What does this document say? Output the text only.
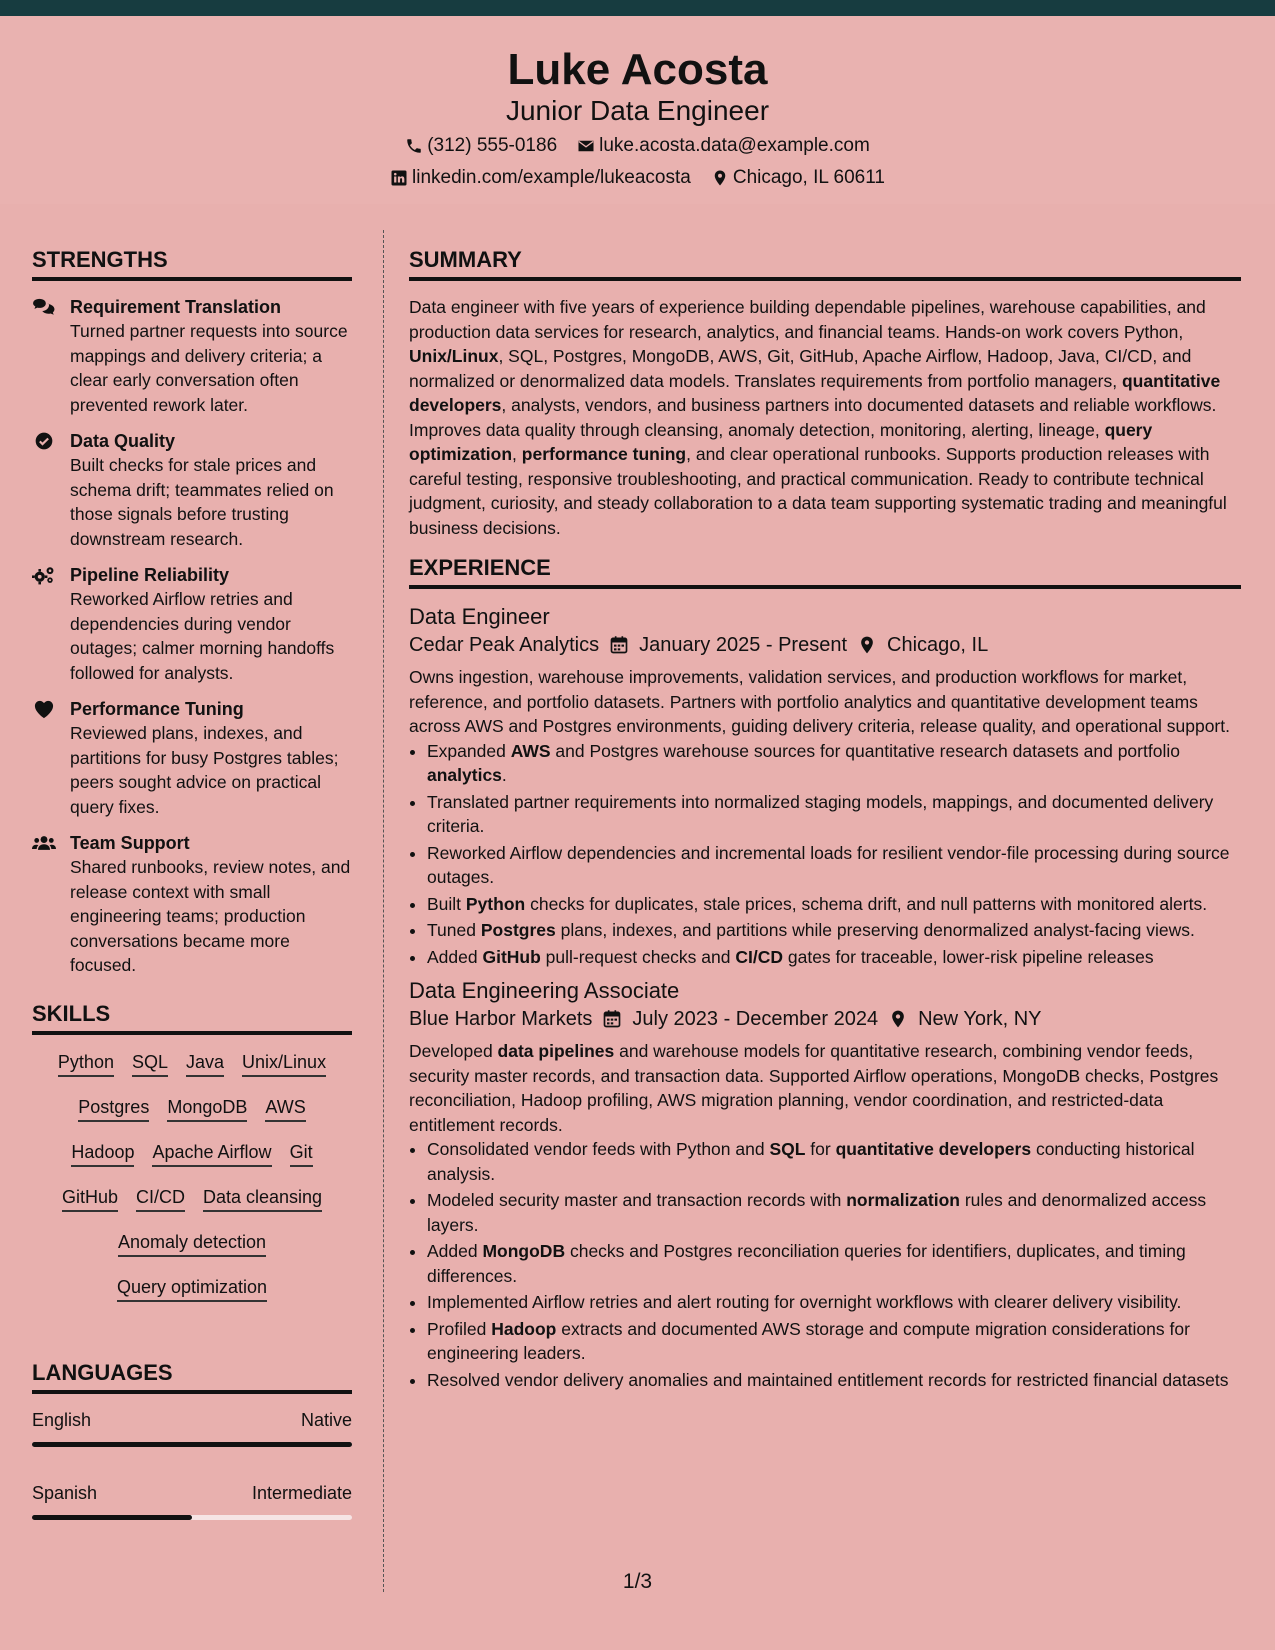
Luke Acosta
Junior Data Engineer
(312) 555-0186 luke.acosta.data@example.com
linkedin.com/example/lukeacosta Chicago, IL 60611
STRENGTHS
Requirement Translation
Turned partner requests into source mappings and delivery criteria; a clear early conversation often prevented rework later.
Data Quality
Built checks for stale prices and schema drift; teammates relied on those signals before trusting downstream research.
Pipeline Reliability
Reworked Airflow retries and dependencies during vendor outages; calmer morning handoffs followed for analysts.
Performance Tuning
Reviewed plans, indexes, and partitions for busy Postgres tables; peers sought advice on practical query fixes.
Team Support
Shared runbooks, review notes, and release context with small engineering teams; production conversations became more focused.
SKILLS
Python SQL Java Unix/Linux
Postgres MongoDB AWS
Hadoop Apache Airflow Git
GitHub CI/CD Data cleansing
Anomaly detection
Query optimization
LANGUAGES
English	Native
Spanish	Intermediate
SUMMARY
Data engineer with five years of experience building dependable pipelines, warehouse capabilities, and production data services for research, analytics, and financial teams. Hands-on work covers Python, Unix/Linux, SQL, Postgres, MongoDB, AWS, Git, GitHub, Apache Airflow, Hadoop, Java, CI/CD, and normalized or denormalized data models. Translates requirements from portfolio managers, quantitative developers, analysts, vendors, and business partners into documented datasets and reliable workflows. Improves data quality through cleansing, anomaly detection, monitoring, alerting, lineage, query optimization, performance tuning, and clear operational runbooks. Supports production releases with careful testing, responsive troubleshooting, and practical communication. Ready to contribute technical judgment, curiosity, and steady collaboration to a data team supporting systematic trading and meaningful business decisions.
EXPERIENCE
Data Engineer
Cedar Peak Analytics January 2025 - Present Chicago, IL
Owns ingestion, warehouse improvements, validation services, and production workflows for market, reference, and portfolio datasets. Partners with portfolio analytics and quantitative development teams across AWS and Postgres environments, guiding delivery criteria, release quality, and operational support.
• Expanded AWS and Postgres warehouse sources for quantitative research datasets and portfolio analytics.
• Translated partner requirements into normalized staging models, mappings, and documented delivery criteria.
• Reworked Airflow dependencies and incremental loads for resilient vendor-file processing during source outages.
• Built Python checks for duplicates, stale prices, schema drift, and null patterns with monitored alerts.
• Tuned Postgres plans, indexes, and partitions while preserving denormalized analyst-facing views.
• Added GitHub pull-request checks and CI/CD gates for traceable, lower-risk pipeline releases
Data Engineering Associate
Blue Harbor Markets July 2023 - December 2024 New York, NY
Developed data pipelines and warehouse models for quantitative research, combining vendor feeds, security master records, and transaction data. Supported Airflow operations, MongoDB checks, Postgres reconciliation, Hadoop profiling, AWS migration planning, vendor coordination, and restricted-data entitlement records.
• Consolidated vendor feeds with Python and SQL for quantitative developers conducting historical analysis.
• Modeled security master and transaction records with normalization rules and denormalized access layers.
• Added MongoDB checks and Postgres reconciliation queries for identifiers, duplicates, and timing differences.
• Implemented Airflow retries and alert routing for overnight workflows with clearer delivery visibility.
• Profiled Hadoop extracts and documented AWS storage and compute migration considerations for engineering leaders.
• Resolved vendor delivery anomalies and maintained entitlement records for restricted financial datasets
1/3
